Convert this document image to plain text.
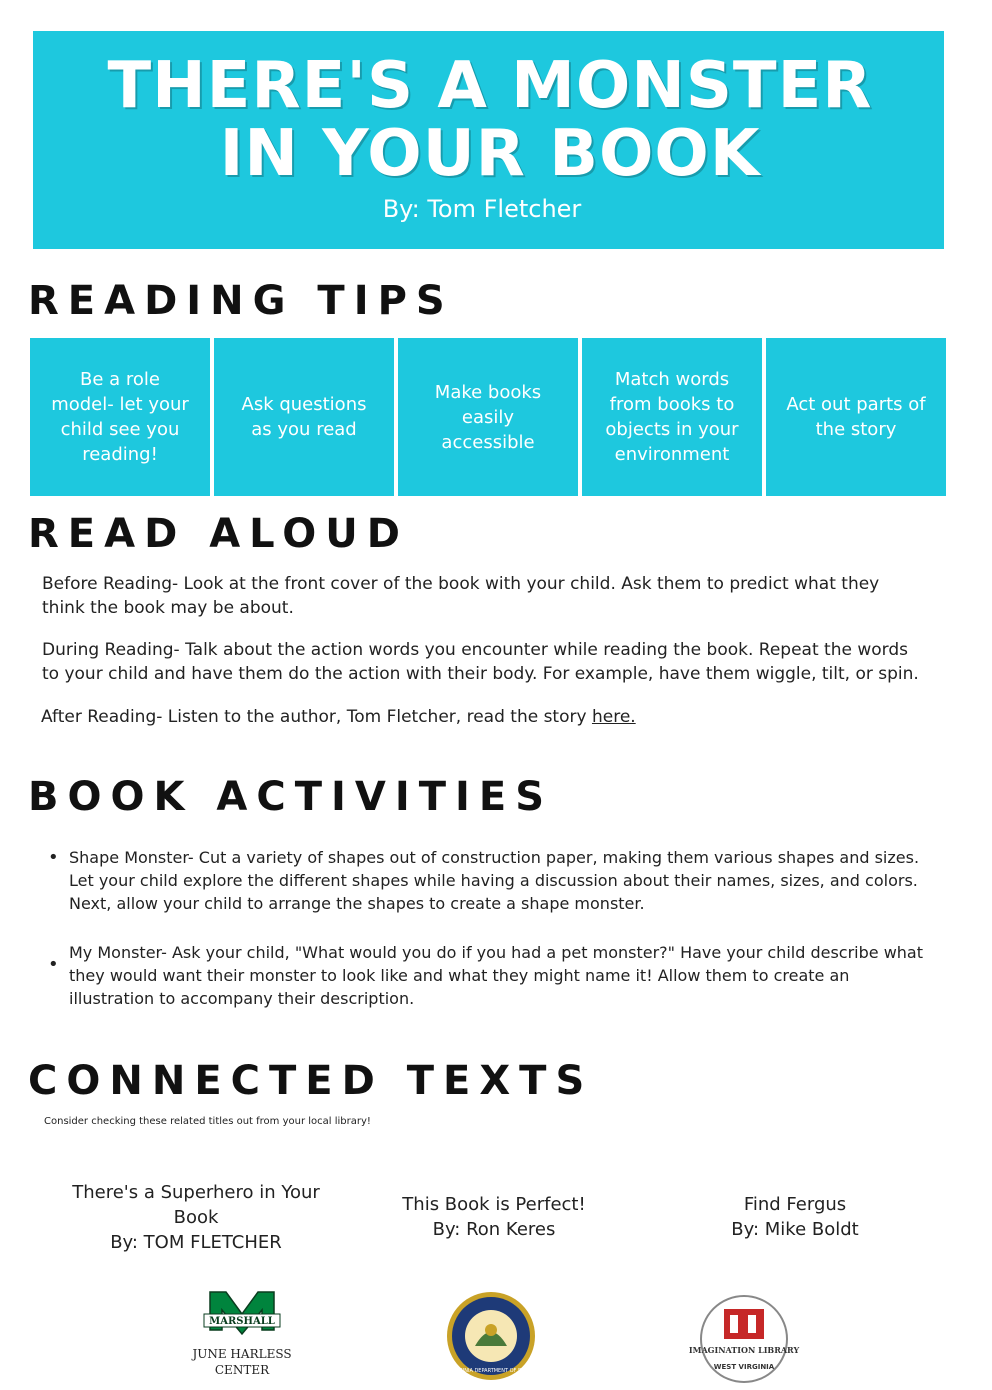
THERE'S A MONSTER
IN YOUR BOOK
By: Tom Fletcher
READING TIPS
Be a role model- let your child see you reading!
Ask questions as you read
Make books easily accessible
Match words from books to objects in your environment
Act out parts of the story
READ ALOUD
Before Reading- Look at the front cover of the book with your child. Ask them to predict what they think the book may be about.
During Reading- Talk about the action words you encounter while reading the book. Repeat the words to your child and have them do the action with their body. For example, have them wiggle, tilt, or spin.
After Reading- Listen to the author, Tom Fletcher, read the story here.
BOOK ACTIVITIES
• Shape Monster- Cut a variety of shapes out of construction paper, making them various shapes and sizes. Let your child explore the different shapes while having a discussion about their names, sizes, and colors. Next, allow your child to arrange the shapes to create a shape monster.
•
My Monster- Ask your child, "What would you do if you had a pet monster?" Have your child describe what they would want their monster to look like and what they might name it! Allow them to create an illustration to accompany their description.
CONNECTED TEXTS
Consider checking these related titles out from your local library!
There's a Superhero in Your Book
By: TOM FLETCHER
This Book is Perfect!
By: Ron Keres
Find Fergus
By: Mike Boldt
MARSHALL
JUNE HARLESS
CENTER	WEST VIRGINIA DEPARTMENT OF EDUCATION
IMAGINATION LIBRARY
WEST VIRGINIA
